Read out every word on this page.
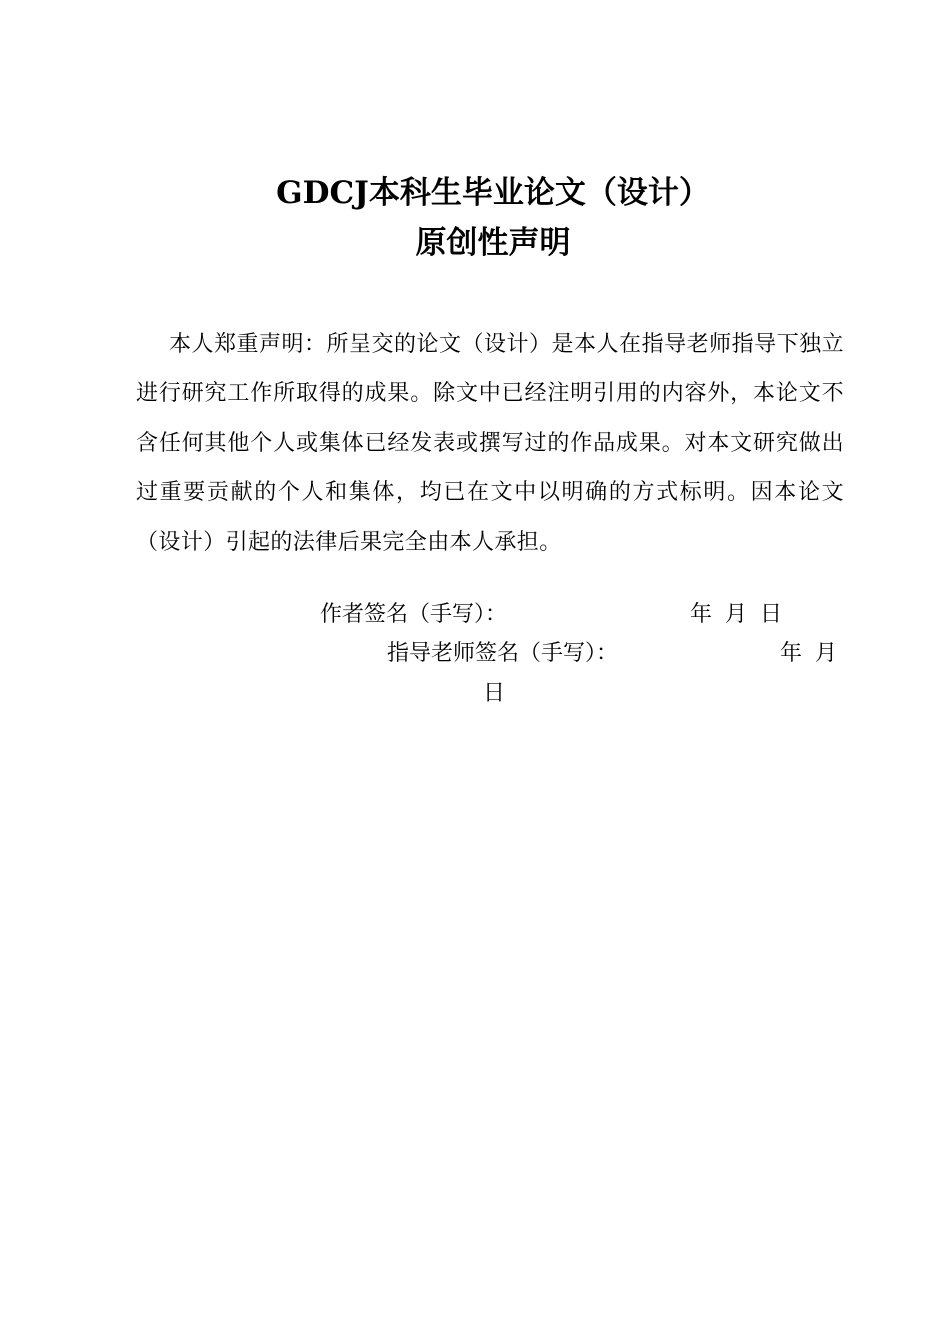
GDCJ本科生毕业论文（设计）
原创性声明

本人郑重声明：所呈交的论文（设计）是本人在指导老师指导下独立进行研究工作所取得的成果。除文中已经注明引用的内容外，本论文不含任何其他个人或集体已经发表或撰写过的作品成果。对本文研究做出过重要贡献的个人和集体，均已在文中以明确的方式标明。因本论文（设计）引起的法律后果完全由本人承担。

作者签名（手写）：	年 月 日
指导老师签名（手写）：	年 月
日
